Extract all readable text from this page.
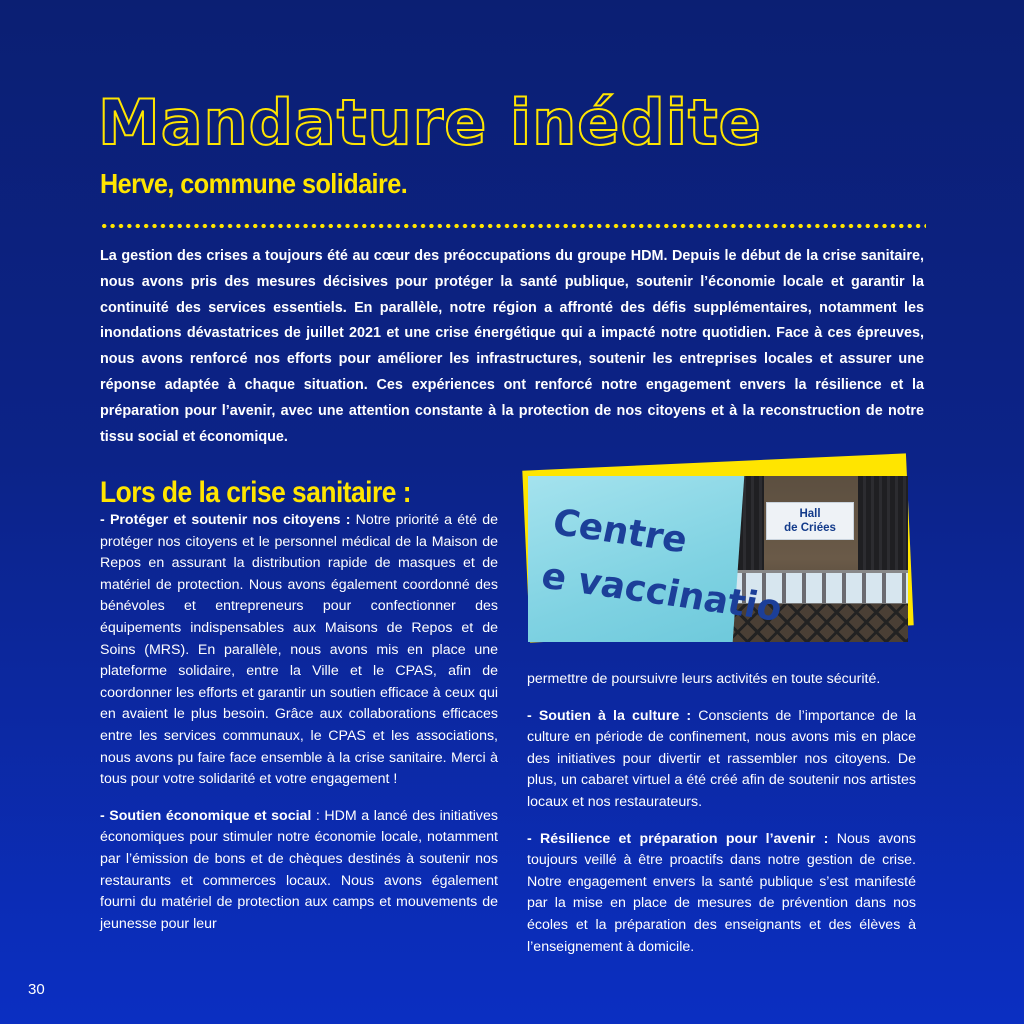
Mandature inédite
Herve, commune solidaire.

La gestion des crises a toujours été au cœur des préoccupations du groupe HDM. Depuis le début de la crise sanitaire, nous avons pris des mesures décisives pour protéger la santé publique, soutenir l’économie locale et garantir la continuité des services essentiels. En parallèle, notre région a affronté des défis supplémentaires, notamment les inondations dévastatrices de juillet 2021 et une crise énergétique qui a impacté notre quotidien. Face à ces épreuves, nous avons renforcé nos efforts pour améliorer les infrastructures, soutenir les entreprises locales et assurer une réponse adaptée à chaque situation. Ces expériences ont renforcé notre engagement envers la résilience et la préparation pour l’avenir, avec une attention constante à la protection de nos citoyens et à la reconstruction de notre tissu social et économique.

Lors de la crise sanitaire :

- Protéger et soutenir nos citoyens : Notre priorité a été de protéger nos citoyens et le personnel médical de la Maison de Repos en assurant la distribution rapide de masques et de matériel de protection. Nous avons également coordonné des bénévoles et entrepreneurs pour confectionner des équipements indispensables aux Maisons de Repos et de Soins (MRS). En parallèle, nous avons mis en place une plateforme solidaire, entre la Ville et le CPAS, afin de coordonner les efforts et garantir un soutien efficace à ceux qui en avaient le plus besoin. Grâce aux collaborations efficaces entre les services communaux, le CPAS et les associations, nous avons pu faire face ensemble à la crise sanitaire. Merci à tous pour votre solidarité et votre engagement !

- Soutien économique et social : HDM a lancé des initiatives économiques pour stimuler notre économie locale, notamment par l’émission de bons et de chèques destinés à soutenir nos restaurants et commerces locaux. Nous avons également fourni du matériel de protection aux camps et mouvements de jeunesse pour leur

Hall
de Criées
Centre
e vaccinatio

permettre de poursuivre leurs activités en toute sécurité.

- Soutien à la culture : Conscients de l’importance de la culture en période de confinement, nous avons mis en place des initiatives pour divertir et rassembler nos citoyens. De plus, un cabaret virtuel a été créé afin de soutenir nos artistes locaux et nos restaurateurs.

- Résilience et préparation pour l’avenir : Nous avons toujours veillé à être proactifs dans notre gestion de crise. Notre engagement envers la santé publique s’est manifesté par la mise en place de mesures de prévention dans nos écoles et la préparation des enseignants et des élèves à l’enseignement à domicile.

30
